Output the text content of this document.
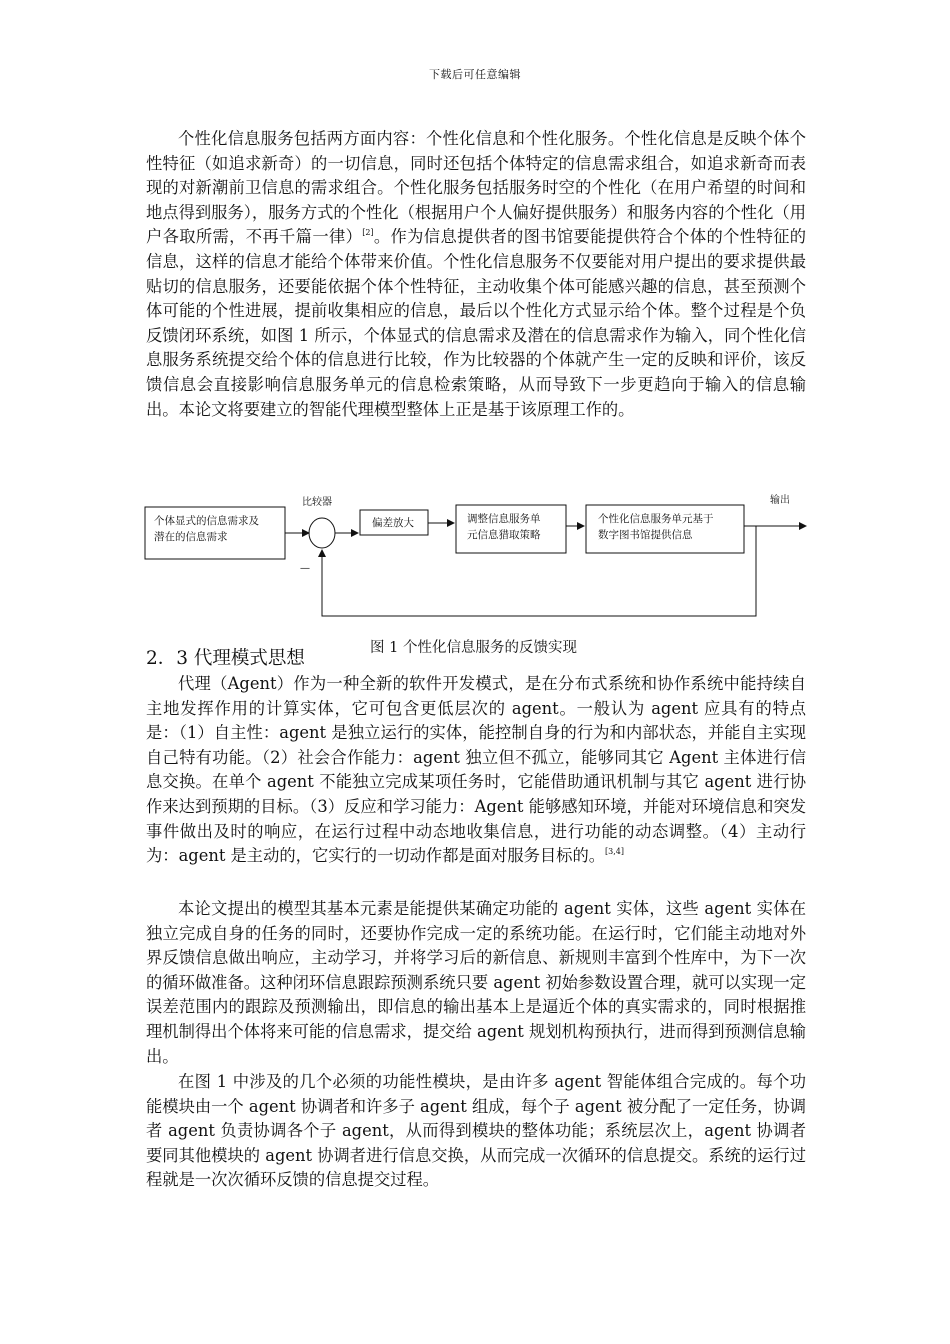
下载后可任意编辑

个性化信息服务包括两方面内容：个性化信息和个性化服务。个性化信息是反映个体个性特征（如追求新奇）的一切信息，同时还包括个体特定的信息需求组合，如追求新奇而表现的对新潮前卫信息的需求组合。个性化服务包括服务时空的个性化（在用户希望的时间和地点得到服务），服务方式的个性化（根据用户个人偏好提供服务）和服务内容的个性化（用户各取所需，不再千篇一律）[2]。作为信息提供者的图书馆要能提供符合个体的个性特征的信息，这样的信息才能给个体带来价值。个性化信息服务不仅要能对用户提出的要求提供最贴切的信息服务，还要能依据个体个性特征，主动收集个体可能感兴趣的信息，甚至预测个体可能的个性进展，提前收集相应的信息，最后以个性化方式显示给个体。整个过程是个负反馈闭环系统，如图 1 所示，个体显式的信息需求及潜在的信息需求作为输入，同个性化信息服务系统提交给个体的信息进行比较，作为比较器的个体就产生一定的反映和评价，该反馈信息会直接影响信息服务单元的信息检索策略，从而导致下一步更趋向于输入的信息输出。本论文将要建立的智能代理模型整体上正是基于该原理工作的。

个体显式的信息需求及
潜在的信息需求
比较器
—
偏差放大	调整信息服务单
元信息猎取策略
个性化信息服务单元基于
数字图书馆提供信息
输出
图 1 个性化信息服务的反馈实现
2．3 代理模式思想

代理（Agent）作为一种全新的软件开发模式，是在分布式系统和协作系统中能持续自主地发挥作用的计算实体，它可包含更低层次的 agent。一般认为 agent 应具有的特点是：（1）自主性：agent 是独立运行的实体，能控制自身的行为和内部状态，并能自主实现自己特有功能。（2）社会合作能力：agent 独立但不孤立，能够同其它 Agent 主体进行信息交换。在单个 agent 不能独立完成某项任务时，它能借助通讯机制与其它 agent 进行协作来达到预期的目标。（3）反应和学习能力：Agent 能够感知环境，并能对环境信息和突发事件做出及时的响应，在运行过程中动态地收集信息，进行功能的动态调整。（4）主动行为：agent 是主动的，它实行的一切动作都是面对服务目标的。[3,4]

本论文提出的模型其基本元素是能提供某确定功能的 agent 实体，这些 agent 实体在独立完成自身的任务的同时，还要协作完成一定的系统功能。在运行时，它们能主动地对外界反馈信息做出响应，主动学习，并将学习后的新信息、新规则丰富到个性库中，为下一次的循环做准备。这种闭环信息跟踪预测系统只要 agent 初始参数设置合理，就可以实现一定误差范围内的跟踪及预测输出，即信息的输出基本上是逼近个体的真实需求的，同时根据推理机制得出个体将来可能的信息需求，提交给 agent 规划机构预执行，进而得到预测信息输出。

在图 1 中涉及的几个必须的功能性模块，是由许多 agent 智能体组合完成的。每个功能模块由一个 agent 协调者和许多子 agent 组成，每个子 agent 被分配了一定任务，协调者 agent 负责协调各个子 agent，从而得到模块的整体功能；系统层次上，agent 协调者要同其他模块的 agent 协调者进行信息交换，从而完成一次循环的信息提交。系统的运行过程就是一次次循环反馈的信息提交过程。
